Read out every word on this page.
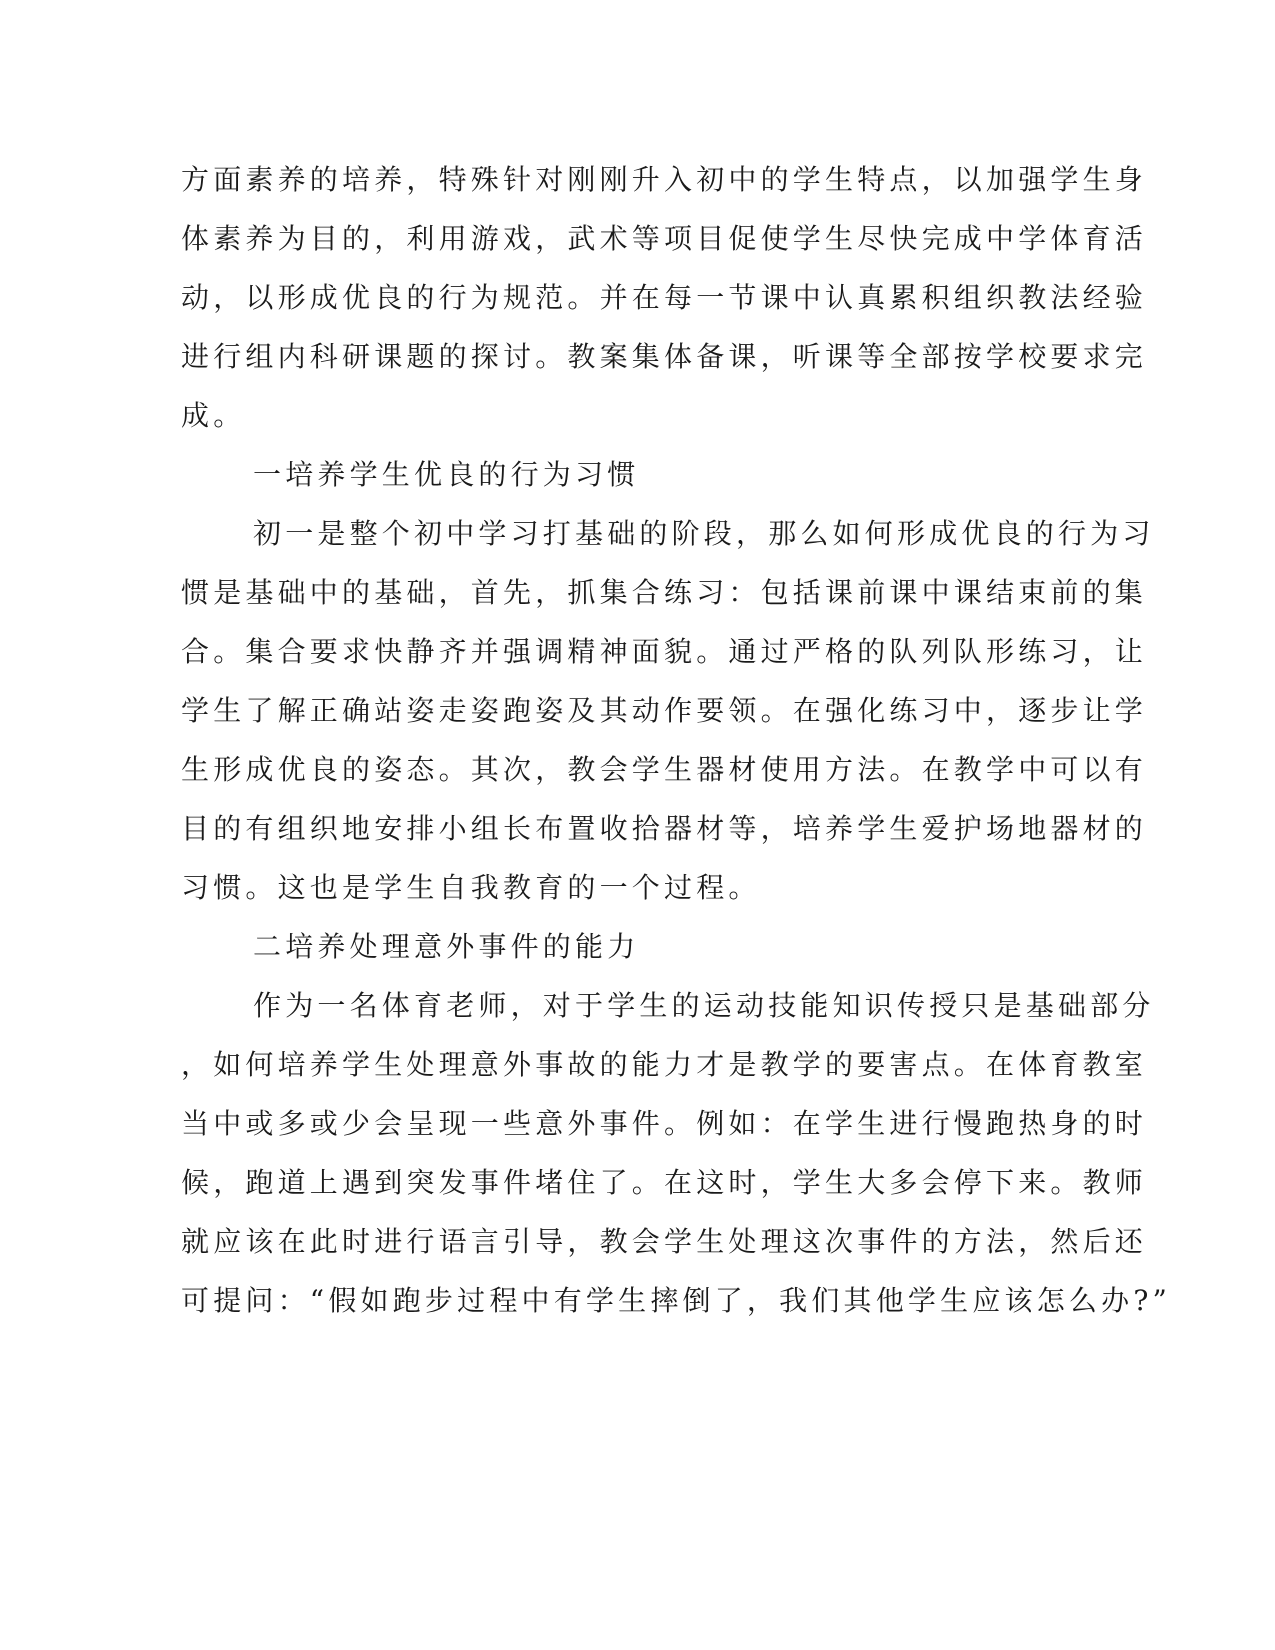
方面素养的培养，特殊针对刚刚升入初中的学生特点，以加强学生身
体素养为目的，利用游戏，武术等项目促使学生尽快完成中学体育活
动，以形成优良的行为规范。并在每一节课中认真累积组织教法经验
进行组内科研课题的探讨。教案集体备课，听课等全部按学校要求完
成。
一培养学生优良的行为习惯
初一是整个初中学习打基础的阶段，那么如何形成优良的行为习
惯是基础中的基础，首先，抓集合练习：包括课前课中课结束前的集
合。集合要求快静齐并强调精神面貌。通过严格的队列队形练习，让
学生了解正确站姿走姿跑姿及其动作要领。在强化练习中，逐步让学
生形成优良的姿态。其次，教会学生器材使用方法。在教学中可以有
目的有组织地安排小组长布置收拾器材等，培养学生爱护场地器材的
习惯。这也是学生自我教育的一个过程。
二培养处理意外事件的能力
作为一名体育老师，对于学生的运动技能知识传授只是基础部分
，如何培养学生处理意外事故的能力才是教学的要害点。在体育教室
当中或多或少会呈现一些意外事件。例如：在学生进行慢跑热身的时
候，跑道上遇到突发事件堵住了。在这时，学生大多会停下来。教师
就应该在此时进行语言引导，教会学生处理这次事件的方法，然后还
可提问：“假如跑步过程中有学生摔倒了，我们其他学生应该怎么办?”
